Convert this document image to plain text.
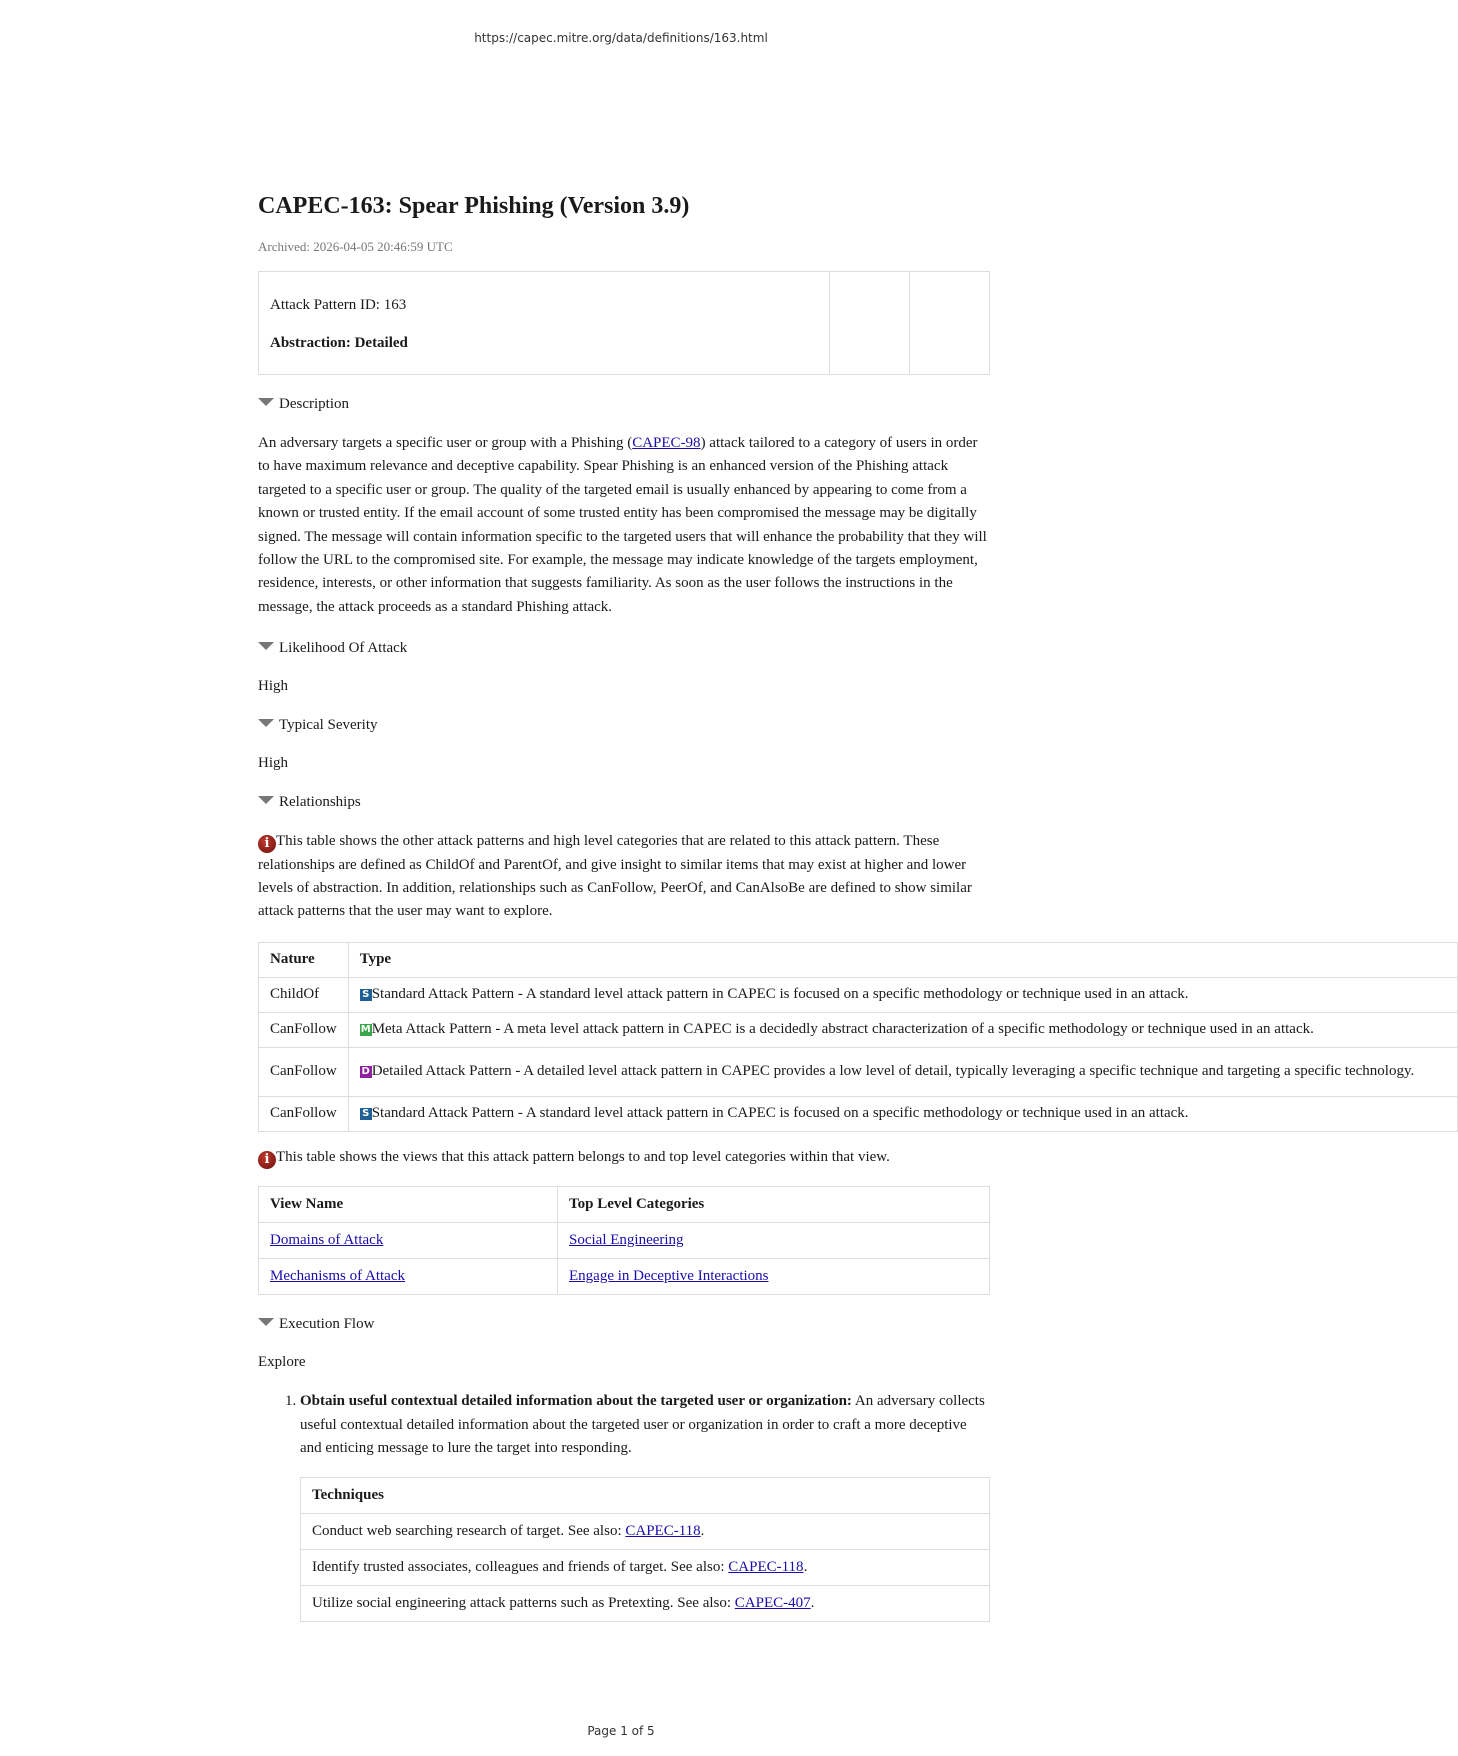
https://capec.mitre.org/data/definitions/163.html
CAPEC-163: Spear Phishing (Version 3.9)
Archived: 2026-04-05 20:46:59 UTC
Attack Pattern ID: 163
Abstraction: Detailed
Description

An adversary targets a specific user or group with a Phishing (CAPEC-98) attack tailored to a category of users in order to have maximum relevance and deceptive capability. Spear Phishing is an enhanced version of the Phishing attack targeted to a specific user or group. The quality of the targeted email is usually enhanced by appearing to come from a known or trusted entity. If the email account of some trusted entity has been compromised the message may be digitally signed. The message will contain information specific to the targeted users that will enhance the probability that they will follow the URL to the compromised site. For example, the message may indicate knowledge of the targets employment, residence, interests, or other information that suggests familiarity. As soon as the user follows the instructions in the message, the attack proceeds as a standard Phishing attack.

Likelihood Of Attack
High
Typical Severity
High
Relationships

i This table shows the other attack patterns and high level categories that are related to this attack pattern. These relationships are defined as ChildOf and ParentOf, and give insight to similar items that may exist at higher and lower levels of abstraction. In addition, relationships such as CanFollow, PeerOf, and CanAlsoBe are defined to show similar attack patterns that the user may want to explore.

Nature	Type
ChildOf	S Standard Attack Pattern - A standard level attack pattern in CAPEC is focused on a specific methodology or technique used in an attack.
CanFollow	MMeta Attack Pattern - A meta level attack pattern in CAPEC is a decidedly abstract characterization of a specific methodology or technique used in an attack.
CanFollow	D Detailed Attack Pattern - A detailed level attack pattern in CAPEC provides a low level of detail, typically leveraging a specific technique and targeting a specific technology.
CanFollow	S Standard Attack Pattern - A standard level attack pattern in CAPEC is focused on a specific methodology or technique used in an attack.

i This table shows the views that this attack pattern belongs to and top level categories within that view.

View Name	Top Level Categories
Domains of Attack	Social Engineering
Mechanisms of Attack	Engage in Deceptive Interactions
Execution Flow
Explore
1. Obtain useful contextual detailed information about the targeted user or organization: An adversary collects useful contextual detailed information about the targeted user or organization in order to craft a more deceptive and enticing message to lure the target into responding.
Techniques
Conduct web searching research of target. See also: CAPEC-118.
Identify trusted associates, colleagues and friends of target. See also: CAPEC-118.
Utilize social engineering attack patterns such as Pretexting. See also: CAPEC-407.
Page 1 of 5
